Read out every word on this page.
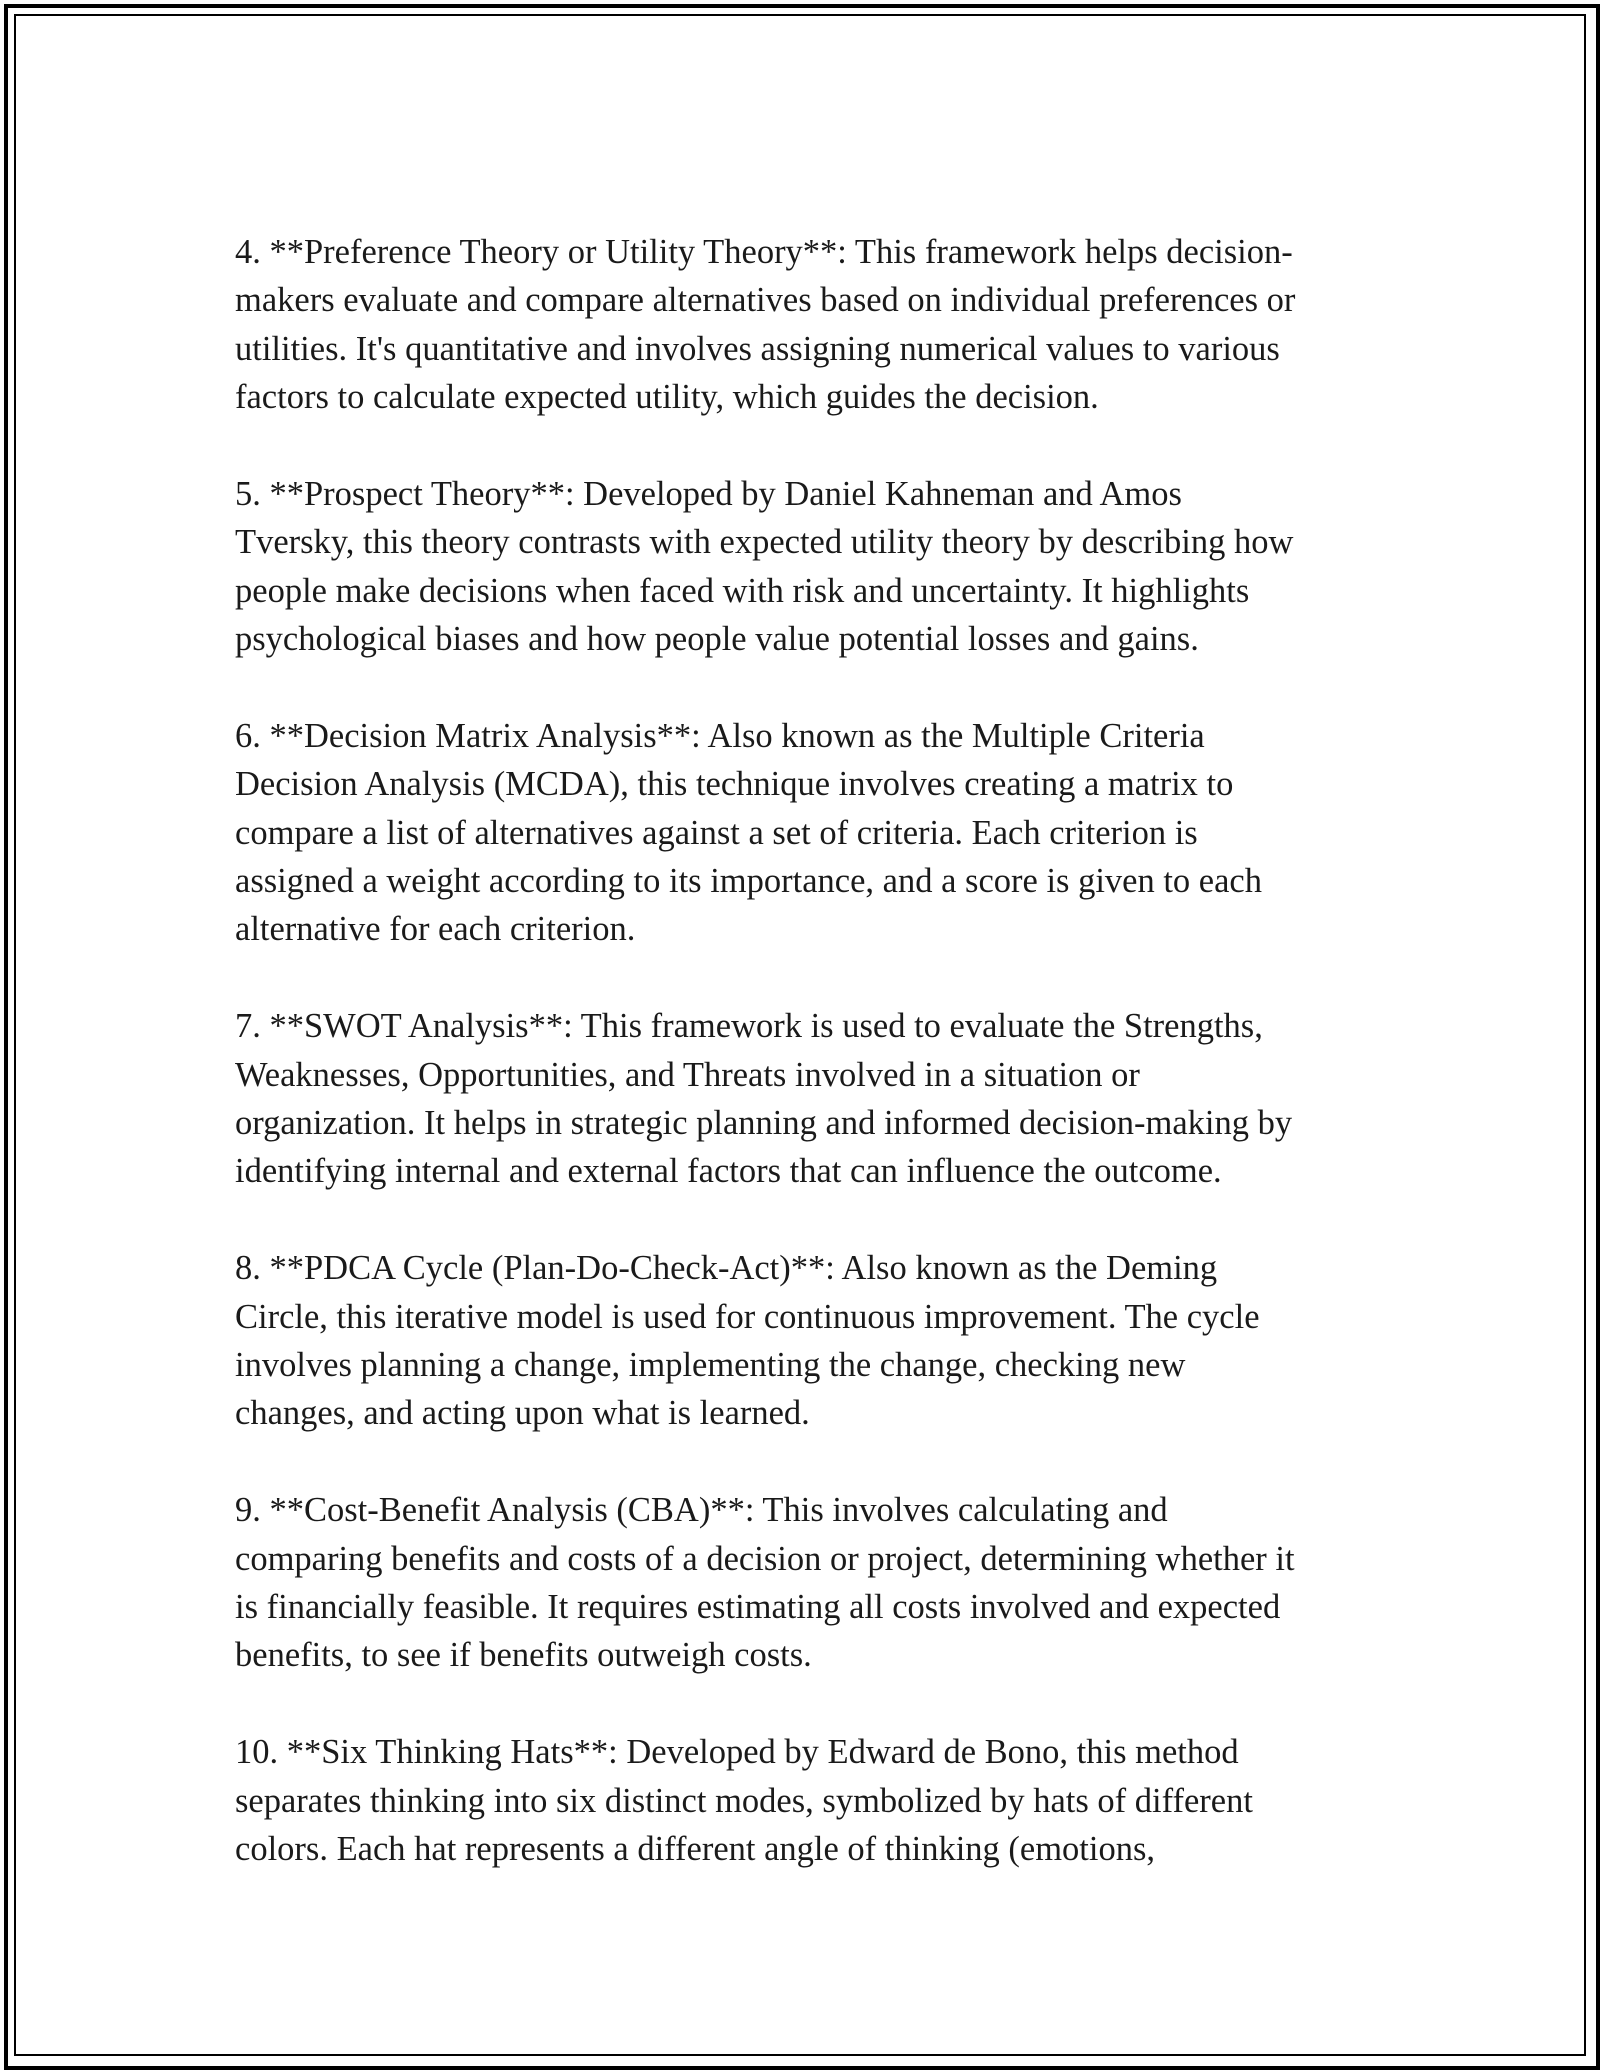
4. **Preference Theory or Utility Theory**: This framework helps decision-
makers evaluate and compare alternatives based on individual preferences or
utilities. It's quantitative and involves assigning numerical values to various
factors to calculate expected utility, which guides the decision.
5. **Prospect Theory**: Developed by Daniel Kahneman and Amos
Tversky, this theory contrasts with expected utility theory by describing how
people make decisions when faced with risk and uncertainty. It highlights
psychological biases and how people value potential losses and gains.
6. **Decision Matrix Analysis**: Also known as the Multiple Criteria
Decision Analysis (MCDA), this technique involves creating a matrix to
compare a list of alternatives against a set of criteria. Each criterion is
assigned a weight according to its importance, and a score is given to each
alternative for each criterion.
7. **SWOT Analysis**: This framework is used to evaluate the Strengths,
Weaknesses, Opportunities, and Threats involved in a situation or
organization. It helps in strategic planning and informed decision-making by
identifying internal and external factors that can influence the outcome.
8. **PDCA Cycle (Plan-Do-Check-Act)**: Also known as the Deming
Circle, this iterative model is used for continuous improvement. The cycle
involves planning a change, implementing the change, checking new
changes, and acting upon what is learned.
9. **Cost-Benefit Analysis (CBA)**: This involves calculating and
comparing benefits and costs of a decision or project, determining whether it
is financially feasible. It requires estimating all costs involved and expected
benefits, to see if benefits outweigh costs.
10. **Six Thinking Hats**: Developed by Edward de Bono, this method
separates thinking into six distinct modes, symbolized by hats of different
colors. Each hat represents a different angle of thinking (emotions,
